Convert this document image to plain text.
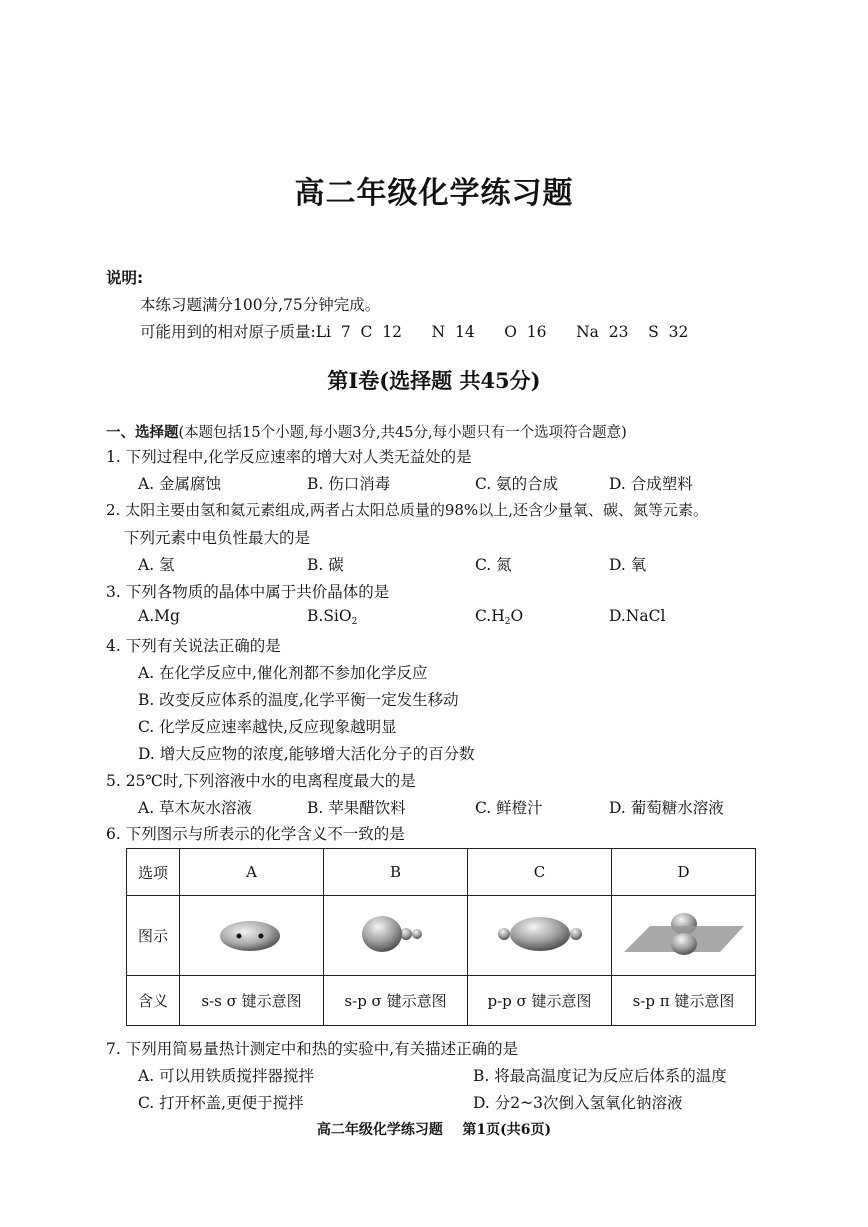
高二年级化学练习题
说明:
本练习题满分100分,75分钟完成。
可能用到的相对原子质量:Li  7  C  12      N  14      O  16      Na  23    S  32
第Ⅰ卷(选择题 共45分)
一、选择题(本题包括15个小题,每小题3分,共45分,每小题只有一个选项符合题意)
1. 下列过程中,化学反应速率的增大对人类无益处的是
A. 金属腐蚀	B. 伤口消毒	C. 氨的合成	D. 合成塑料
2. 太阳主要由氢和氦元素组成,两者占太阳总质量的98%以上,还含少量氧、碳、氮等元素。
下列元素中电负性最大的是
A. 氢	B. 碳	C. 氮	D. 氧
3. 下列各物质的晶体中属于共价晶体的是
A.Mg	B.SiO$_2$	$C.H_2O$	D.NaCl
4. 下列有关说法正确的是
A. 在化学反应中,催化剂都不参加化学反应
B. 改变反应体系的温度,化学平衡一定发生移动
C. 化学反应速率越快,反应现象越明显
D. 增大反应物的浓度,能够增大活化分子的百分数
5. 25℃时,下列溶液中水的电离程度最大的是
A. 草木灰水溶液	B. 苹果醋饮料	C. 鲜橙汁	D. 葡萄糖水溶液
6. 下列图示与所表示的化学含义不一致的是
选项	A	B	C	D
图示				
含义	s-s σ 键示意图	s-p σ 键示意图	p-p σ 键示意图	s-p π 键示意图
7. 下列用简易量热计测定中和热的实验中,有关描述正确的是
A. 可以用铁质搅拌器搅拌	B. 将最高温度记为反应后体系的温度
C. 打开杯盖,更便于搅拌	D. 分2~3次倒入氢氧化钠溶液
高二年级化学练习题    第1页(共6页)
